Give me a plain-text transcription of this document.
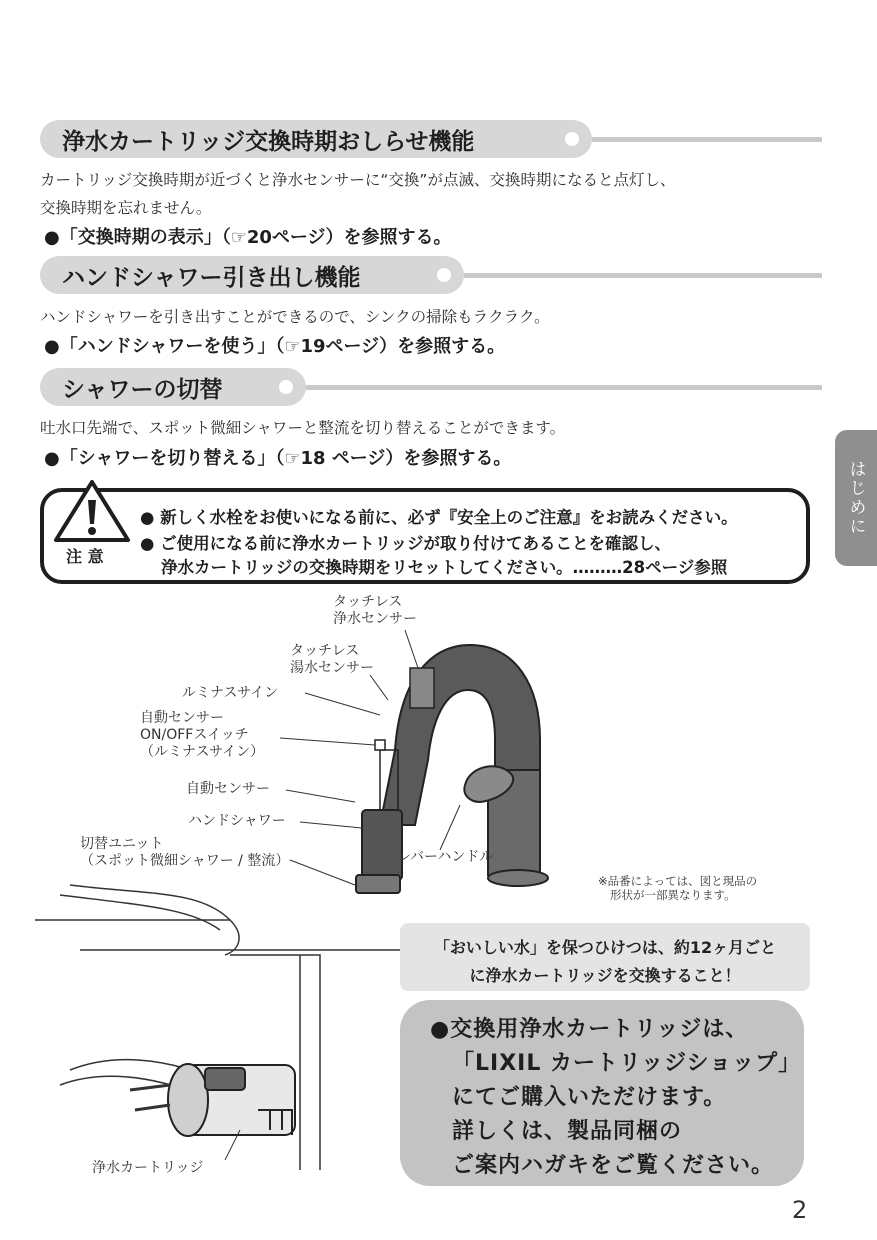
浄水カートリッジ交換時期おしらせ機能
カートリッジ交換時期が近づくと浄水センサーに“交換”が点滅、交換時期になると点灯し、
交換時期を忘れません。
●「交換時期の表示」（☞20ページ）を参照する。
ハンドシャワー引き出し機能
ハンドシャワーを引き出すことができるので、シンクの掃除もラクラク。
●「ハンドシャワーを使う」（☞19ページ）を参照する。
シャワーの切替
吐水口先端で、スポット微細シャワーと整流を切り替えることができます。
●「シャワーを切り替える」（☞18 ページ）を参照する。
はじめに
注 意
● 新しく水栓をお使いになる前に、必ず『安全上のご注意』をお読みください。
● ご使用になる前に浄水カートリッジが取り付けてあることを確認し、
浄水カートリッジの交換時期をリセットしてください。………28ページ参照
タッチレス
浄水センサー
タッチレス
湯水センサー
ルミナスサイン
自動センサー
ON/OFFスイッチ
（ルミナスサイン）
自動センサー
ハンドシャワー
切替ユニット
（スポット微細シャワー / 整流）	レバーハンドル
※品番によっては、図と現品の
形状が一部異なります。
浄水カートリッジ
「おいしい水」を保つひけつは、約12ヶ月ごと
に浄水カートリッジを交換すること！
●交換用浄水カートリッジは、
「LIXIL カートリッジショップ」
にてご購入いただけます。
詳しくは、製品同梱の
ご案内ハガキをご覧ください。
2
